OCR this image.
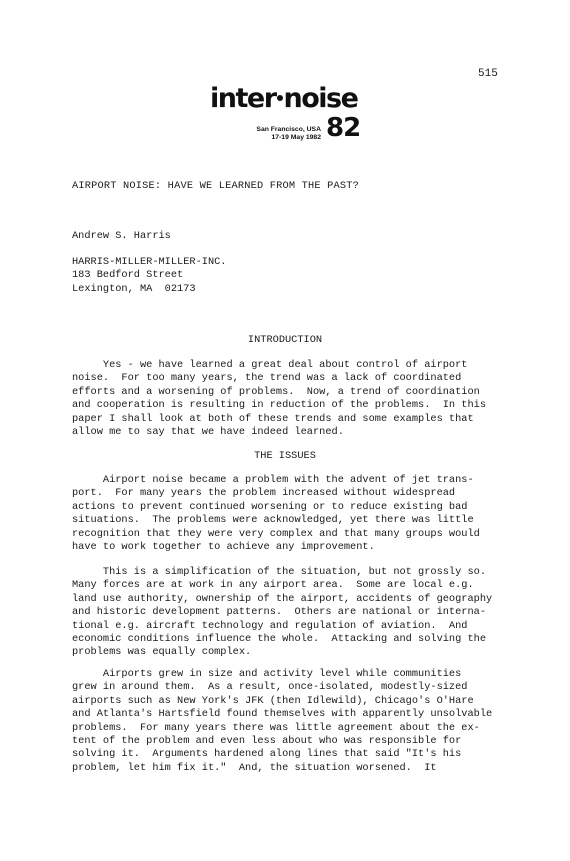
515
inter noise
San Francisco, USA
17-19 May 1982 82
AIRPORT NOISE: HAVE WE LEARNED FROM THE PAST?
Andrew S. Harris
HARRIS-MILLER-MILLER-INC.
183 Bedford Street
Lexington, MA  02173
INTRODUCTION
Yes - we have learned a great deal about control of airport
noise.  For too many years, the trend was a lack of coordinated
efforts and a worsening of problems.  Now, a trend of coordination
and cooperation is resulting in reduction of the problems.  In this
paper I shall look at both of these trends and some examples that
allow me to say that we have indeed learned.
THE ISSUES
Airport noise became a problem with the advent of jet trans-
port.  For many years the problem increased without widespread
actions to prevent continued worsening or to reduce existing bad
situations.  The problems were acknowledged, yet there was little
recognition that they were very complex and that many groups would
have to work together to achieve any improvement.
This is a simplification of the situation, but not grossly so.
Many forces are at work in any airport area.  Some are local e.g.
land use authority, ownership of the airport, accidents of geography
and historic development patterns.  Others are national or interna-
tional e.g. aircraft technology and regulation of aviation.  And
economic conditions influence the whole.  Attacking and solving the
problems was equally complex.
Airports grew in size and activity level while communities
grew in around them.  As a result, once-isolated, modestly-sized
airports such as New York's JFK (then Idlewild), Chicago's O'Hare
and Atlanta's Hartsfield found themselves with apparently unsolvable
problems.  For many years there was little agreement about the ex-
tent of the problem and even less about who was responsible for
solving it.  Arguments hardened along lines that said "It's his
problem, let him fix it."  And, the situation worsened.  It
